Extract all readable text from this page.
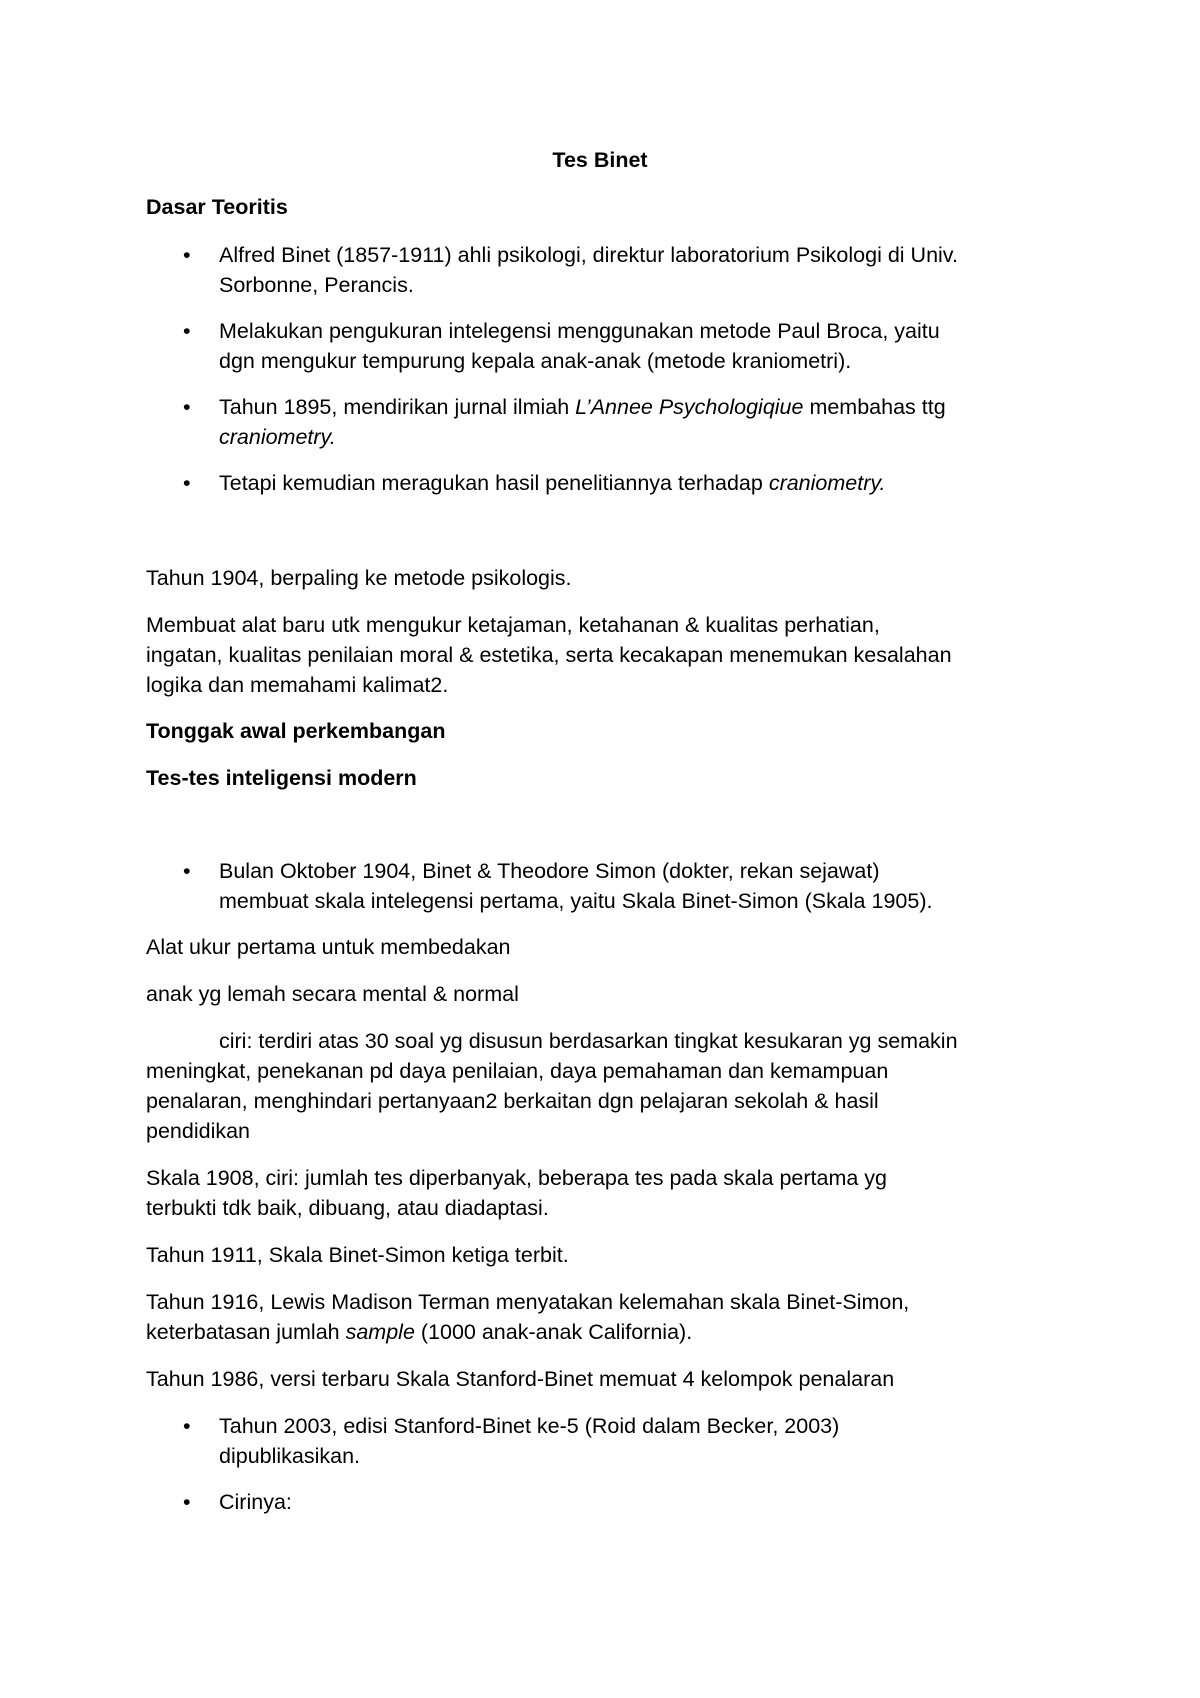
Tes Binet
Dasar Teoritis
• Alfred Binet (1857-1911) ahli psikologi, direktur laboratorium Psikologi di Univ.
Sorbonne, Perancis.
• Melakukan pengukuran intelegensi menggunakan metode Paul Broca, yaitu
dgn mengukur tempurung kepala anak-anak (metode kraniometri).
• Tahun 1895, mendirikan jurnal ilmiah L’Annee Psychologiqiue membahas ttg
craniometry.
• Tetapi kemudian meragukan hasil penelitiannya terhadap craniometry.
Tahun 1904, berpaling ke metode psikologis.
Membuat alat baru utk mengukur ketajaman, ketahanan & kualitas perhatian,
ingatan, kualitas penilaian moral & estetika, serta kecakapan menemukan kesalahan
logika dan memahami kalimat2.
Tonggak awal perkembangan
Tes-tes inteligensi modern
• Bulan Oktober 1904, Binet & Theodore Simon (dokter, rekan sejawat)
membuat skala intelegensi pertama, yaitu Skala Binet-Simon (Skala 1905).
Alat ukur pertama untuk membedakan
anak yg lemah secara mental & normal
ciri: terdiri atas 30 soal yg disusun berdasarkan tingkat kesukaran yg semakin
meningkat, penekanan pd daya penilaian, daya pemahaman dan kemampuan
penalaran, menghindari pertanyaan2 berkaitan dgn pelajaran sekolah & hasil
pendidikan
Skala 1908, ciri: jumlah tes diperbanyak, beberapa tes pada skala pertama yg
terbukti tdk baik, dibuang, atau diadaptasi.
Tahun 1911, Skala Binet-Simon ketiga terbit.
Tahun 1916, Lewis Madison Terman menyatakan kelemahan skala Binet-Simon,
keterbatasan jumlah sample (1000 anak-anak California).
Tahun 1986, versi terbaru Skala Stanford-Binet memuat 4 kelompok penalaran
• Tahun 2003, edisi Stanford-Binet ke-5 (Roid dalam Becker, 2003)
dipublikasikan.
• Cirinya:
